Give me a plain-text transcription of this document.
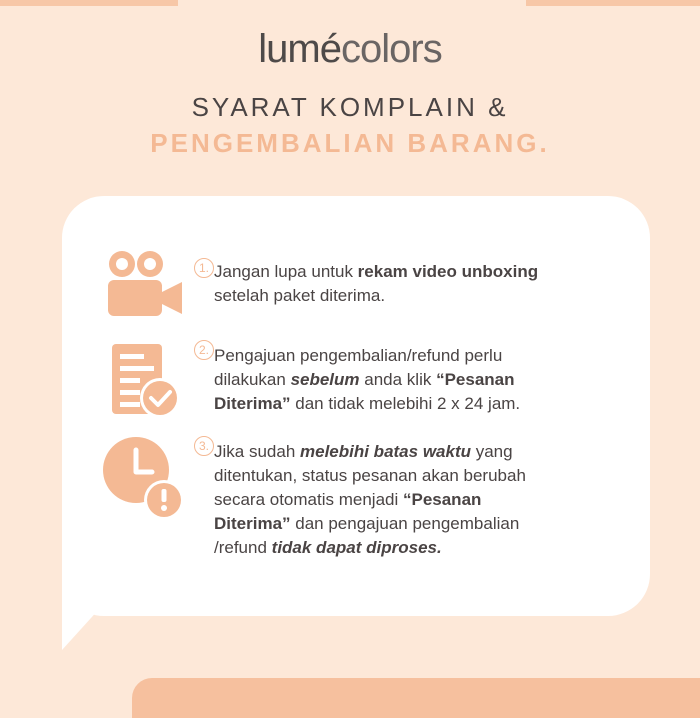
lumécolors
SYARAT KOMPLAIN &
PENGEMBALIAN BARANG.
1. Jangan lupa untuk rekam video unboxing
setelah paket diterima.
2. Pengajuan pengembalian/refund perlu
dilakukan sebelum anda klik “Pesanan
Diterima” dan tidak melebihi 2 x 24 jam.
3. Jika sudah melebihi batas waktu yang
ditentukan, status pesanan akan berubah
secara otomatis menjadi “Pesanan
Diterima” dan pengajuan pengembalian
/refund tidak dapat diproses.
